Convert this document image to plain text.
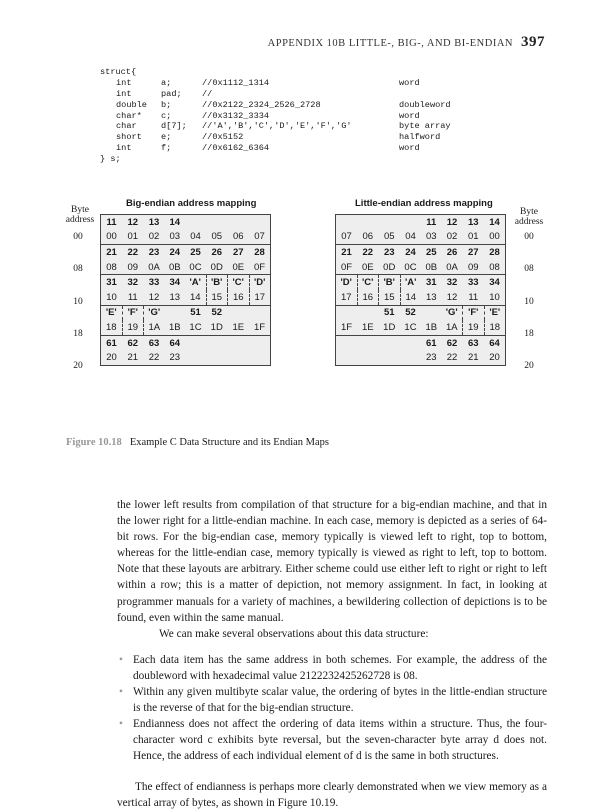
APPENDIX 10B LITTLE-, BIG-, AND BI-ENDIAN 397
struct{
int	a;	//0x1112_1314	word
int	pad;	//
double	b;	//0x2122_2324_2526_2728	doubleword
char*	c;	//0x3132_3334	word
char	d[7];	//'A','B','C','D','E','F','G'	byte array
short	e;	//0x5152	halfword
int	f;	//0x6162_6364	word
} s;
Big-endian address mapping	Little-endian address mapping
Byte
address
Byte
address
11	12	13	14				
00	01	02	03	04	05	06	07
21	22	23	24	25	26	27	28
08	09	0A	0B	0C	0D	0E	0F
31	32	33	34	'A'	'B'	'C'	'D'
10	11	12	13	14	15	16	17
'E'	'F'	'G'		51	52		
18	19	1A	1B	1C	1D	1E	1F
61	62	63	64				
20	21	22	23				
				11	12	13	14
07	06	05	04	03	02	01	00
21	22	23	24	25	26	27	28
0F	0E	0D	0C	0B	0A	09	08
'D'	'C'	'B'	'A'	31	32	33	34
17	16	15	14	13	12	11	10
		51	52		'G'	'F'	'E'
1F	1E	1D	1C	1B	1A	19	18
				61	62	63	64
				23	22	21	20
00	00
08	08
10	10
18	18
20	20
Figure 10.18 Example C Data Structure and its Endian Maps

the lower left results from compilation of that structure for a big-endian machine, and that in the lower right for a little-endian machine. In each case, memory is depicted as a series of 64-bit rows. For the big-endian case, memory typically is viewed left to right, top to bottom, whereas for the little-endian case, memory typically is viewed as right to left, top to bottom. Note that these layouts are arbitrary. Either scheme could use either left to right or right to left within a row; this is a matter of depiction, not memory assignment. In fact, in looking at programmer manuals for a variety of machines, a bewildering collection of depictions is to be found, even within the same manual.

We can make several observations about this data structure:

• Each data item has the same address in both schemes. For example, the address of the doubleword with hexadecimal value 2122232425262728 is 08.
• Within any given multibyte scalar value, the ordering of bytes in the little-endian structure is the reverse of that for the big-endian structure.
• Endianness does not affect the ordering of data items within a structure. Thus, the four-character word c exhibits byte reversal, but the seven-character byte array d does not. Hence, the address of each individual element of d is the same in both structures.

The effect of endianness is perhaps more clearly demonstrated when we view memory as a vertical array of bytes, as shown in Figure 10.19.
